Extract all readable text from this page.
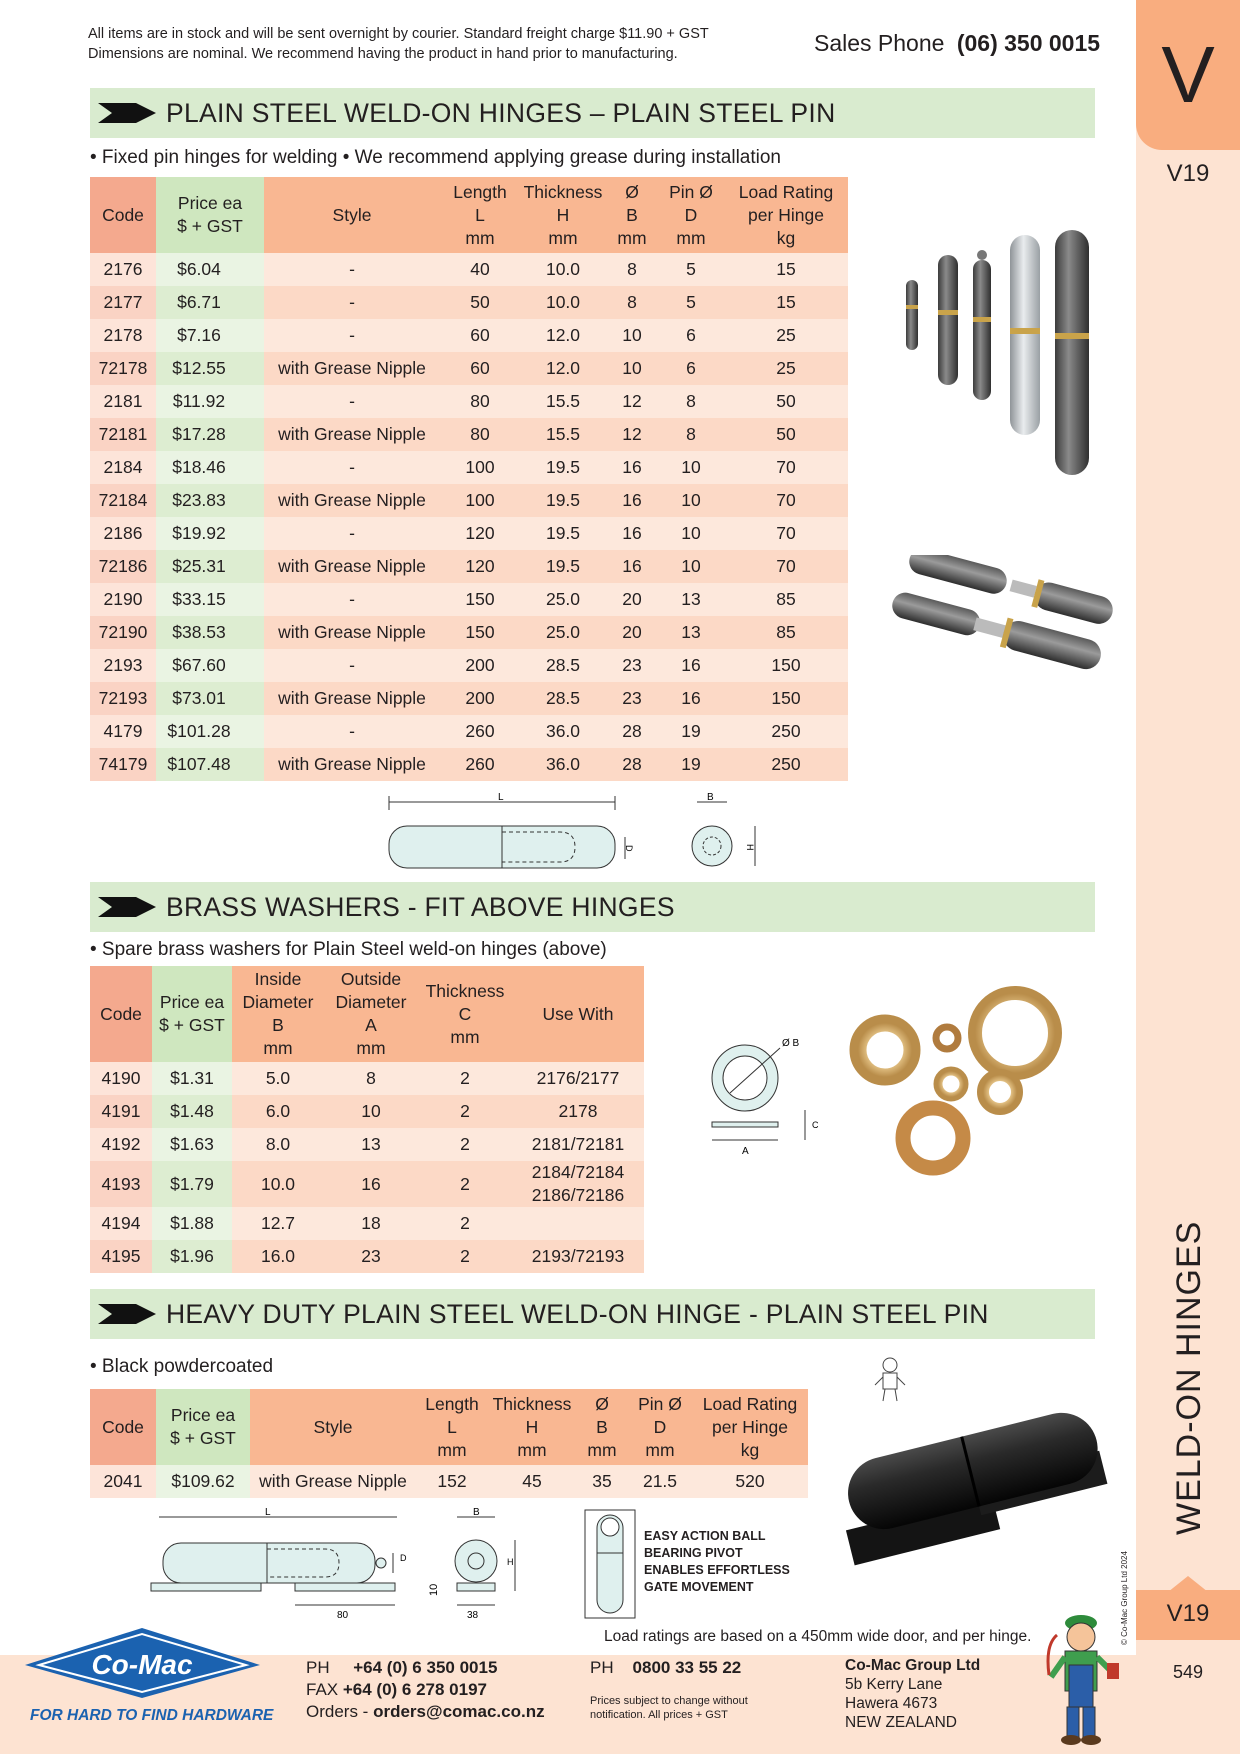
All items are in stock and will be sent overnight by courier. Standard freight charge $11.90 + GST
Dimensions are nominal. We recommend having the product in hand prior to manufacturing.	Sales Phone (06) 350 0015 V
V19
WELD-ON HINGES
© Co-Mac Group Ltd 2024	V19
549
PLAIN STEEL WELD-ON HINGES – PLAIN STEEL PIN
• Fixed pin hinges for welding • We recommend applying grease during installation
Code	Price ea
$ + GST	Style	Length
L
mm	Thickness
H
mm	Ø
B
mm	Pin Ø
D
mm	Load Rating
per Hinge
kg
2176	$6.04	-	40	10.0	8	5	15
2177	$6.71	-	50	10.0	8	5	15
2178	$7.16	-	60	12.0	10	6	25
72178	$12.55	with Grease Nipple	60	12.0	10	6	25
2181	$11.92	-	80	15.5	12	8	50
72181	$17.28	with Grease Nipple	80	15.5	12	8	50
2184	$18.46	-	100	19.5	16	10	70
72184	$23.83	with Grease Nipple	100	19.5	16	10	70
2186	$19.92	-	120	19.5	16	10	70
72186	$25.31	with Grease Nipple	120	19.5	16	10	70
2190	$33.15	-	150	25.0	20	13	85
72190	$38.53	with Grease Nipple	150	25.0	20	13	85
2193	$67.60	-	200	28.5	23	16	150
72193	$73.01	with Grease Nipple	200	28.5	23	16	150
4179	$101.28	-	260	36.0	28	19	250
74179	$107.48	with Grease Nipple	260	36.0	28	19	250
L
D
B
H
BRASS WASHERS - FIT ABOVE HINGES
• Spare brass washers for Plain Steel weld-on hinges (above)
Code	Price ea
$ + GST	Inside
Diameter
B
mm	Outside
Diameter
A
mm	Thickness
C
mm	Use With
4190	$1.31	5.0	8	2	2176/2177
4191	$1.48	6.0	10	2	2178
4192	$1.63	8.0	13	2	2181/72181
4193	$1.79	10.0	16	2	2184/72184
2186/72186
4194	$1.88	12.7	18	2	
4195	$1.96	16.0	23	2	2193/72193
Ø B
A
C
HEAVY DUTY PLAIN STEEL WELD-ON HINGE - PLAIN STEEL PIN
• Black powdercoated
Code	Price ea
$ + GST	Style	Length
L
mm	Thickness
H
mm	Ø
B
mm	Pin Ø
D
mm	Load Rating
per Hinge
kg
2041	$109.62	with Grease Nipple	152	45	35	21.5	520
L
D
10
80
B
H
38
EASY ACTION BALL
BEARING PIVOT
ENABLES EFFORTLESS
GATE MOVEMENT
Load ratings are based on a 450mm wide door, and per hinge.
Co-Mac
FOR HARD TO FIND HARDWARE
PH +64 (0) 6 350 0015
FAX +64 (0) 6 278 0197
Orders - orders@comac.co.nz
PH 0800 33 55 22
Prices subject to change without
notification. All prices + GST
Co-Mac Group Ltd
5b Kerry Lane
Hawera 4673
NEW ZEALAND
